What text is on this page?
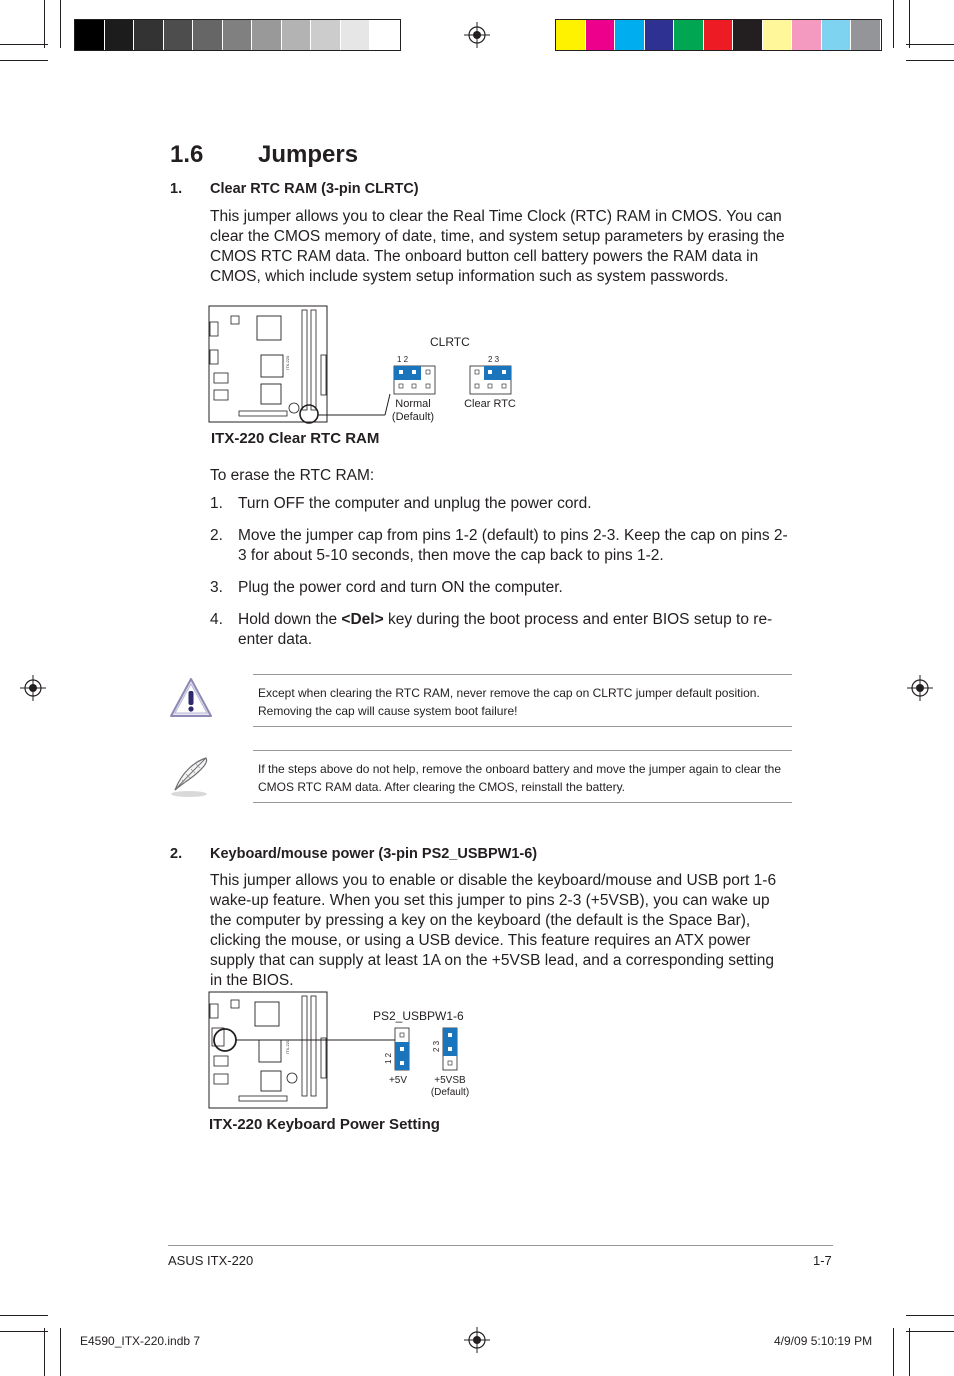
1.6 Jumpers
1. Clear RTC RAM (3-pin CLRTC)
This jumper allows you to clear the Real Time Clock (RTC) RAM in CMOS. You can clear the CMOS memory of date, time, and system setup parameters by erasing the CMOS RTC RAM data. The onboard button cell battery powers the RAM data in CMOS, which include system setup information such as system passwords.
ITX-220
CLRTC
1 2
Normal
(Default)
2 3
Clear RTC
ITX-220 Clear RTC RAM
To erase the RTC RAM:
1. Turn OFF the computer and unplug the power cord.
2. Move the jumper cap from pins 1-2 (default) to pins 2-3. Keep the cap on pins 2-3 for about 5-10 seconds, then move the cap back to pins 1-2.
3. Plug the power cord and turn ON the computer.
4. Hold down the <Del> key during the boot process and enter BIOS setup to re-enter data.
Except when clearing the RTC RAM, never remove the cap on CLRTC jumper default position. Removing the cap will cause system boot failure!
If the steps above do not help, remove the onboard battery and move the jumper again to clear the CMOS RTC RAM data. After clearing the CMOS, reinstall the battery.
2. Keyboard/mouse power (3-pin PS2_USBPW1-6)
This jumper allows you to enable or disable the keyboard/mouse and USB port 1-6 wake-up feature. When you set this jumper to pins 2-3 (+5VSB), you can wake up the computer by pressing a key on the keyboard (the default is the Space Bar), clicking the mouse, or using a USB device. This feature requires an ATX power supply that can supply at least 1A on the +5VSB lead, and a corresponding setting in the BIOS.
ITX-220
PS2_USBPW1-6
1 2
+5V
2 3
+5VSB
(Default)
ITX-220 Keyboard Power Setting
ASUS ITX-220	1-7
E4590_ITX-220.indb 7	4/9/09 5:10:19 PM
